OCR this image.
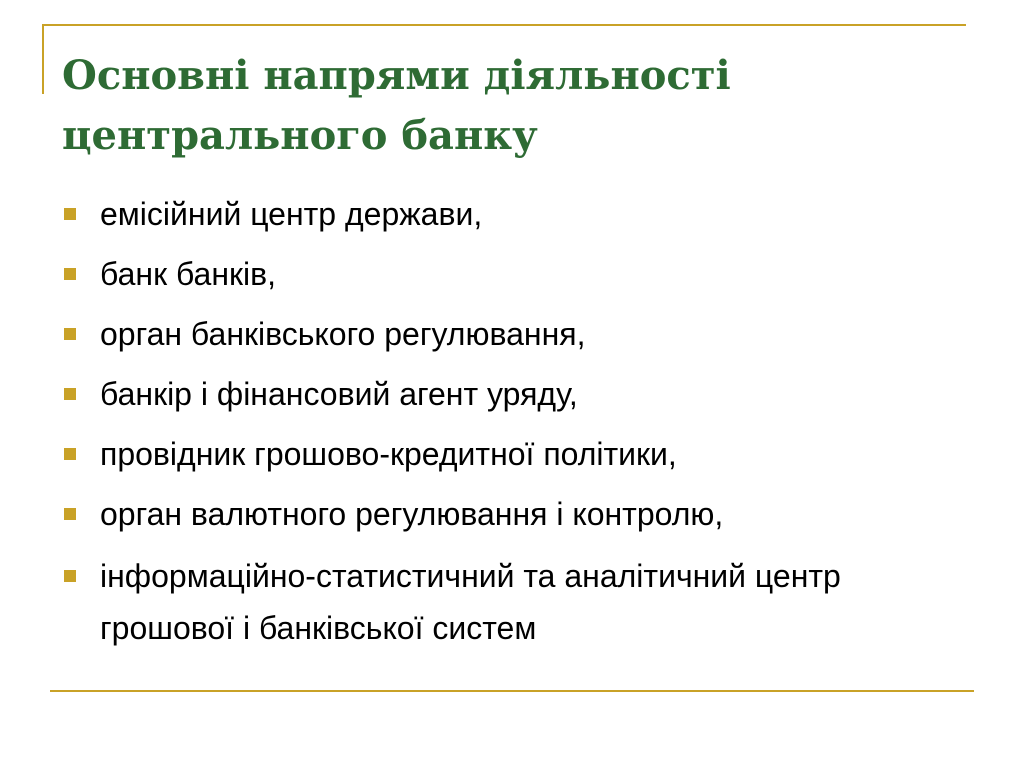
Основні напрями діяльності центрального банку
емісійний центр держави,
банк банків,
орган банківського регулювання,
банкір і фінансовий агент уряду,
провідник грошово-кредитної політики,
орган валютного регулювання і контролю,
інформаційно-статистичний та аналітичний центр грошової і банківської систем
